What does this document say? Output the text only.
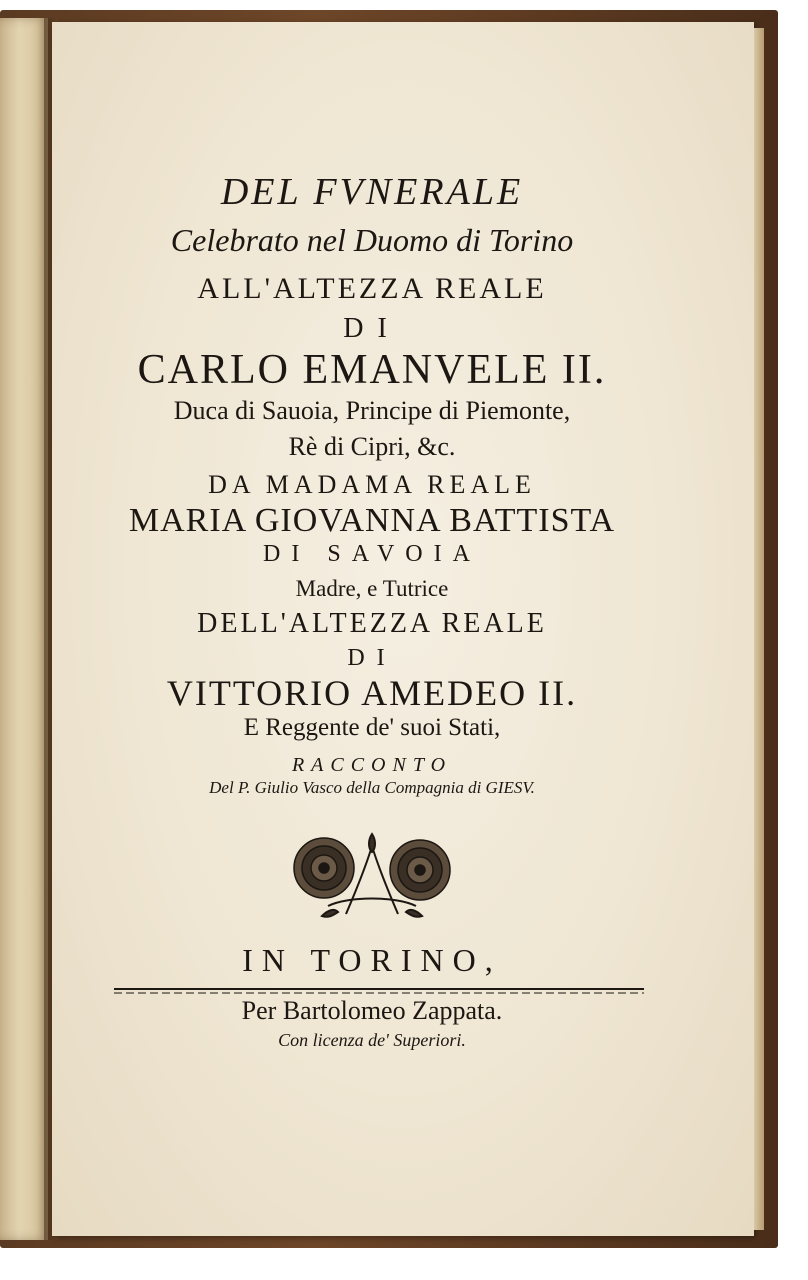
DEL FVNERALE
Celebrato nel Duomo di Torino
ALL'ALTEZZA REALE
DI
CARLO EMANVELE II.
Duca di Sauoia, Principe di Piemonte,
Rè di Cipri, &c.
DA MADAMA REALE
MARIA GIOVANNA BATTISTA
DI SAVOIA
Madre, e Tutrice
DELL'ALTEZZA REALE
DI
VITTORIO AMEDEO II.
E Reggente de' suoi Stati,
RACCONTO
Del P. Giulio Vasco della Compagnia di GIESV.
IN TORINO,
Per Bartolomeo Zappata.
Con licenza de' Superiori.
